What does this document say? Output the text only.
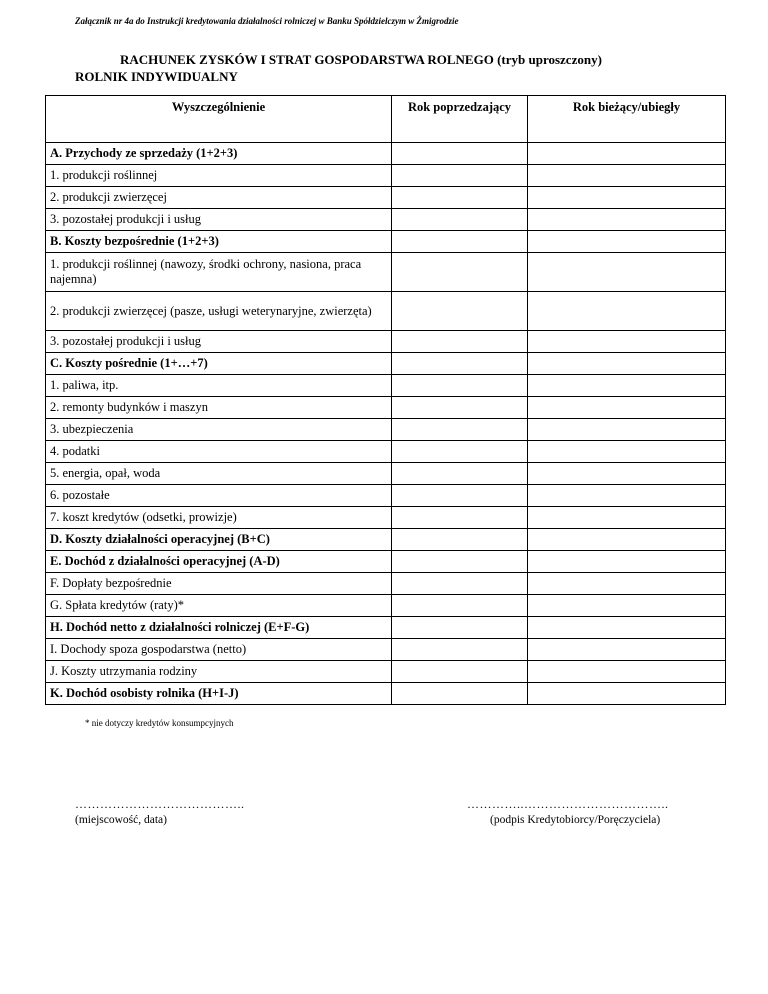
Załącznik nr 4a do Instrukcji kredytowania działalności rolniczej w Banku Spółdzielczym w Żmigrodzie
RACHUNEK ZYSKÓW I STRAT GOSPODARSTWA ROLNEGO (tryb uproszczony)
ROLNIK INDYWIDUALNY
Wyszczególnienie	Rok poprzedzający	Rok bieżący/ubiegły
A. Przychody ze sprzedaży (1+2+3)		
1. produkcji roślinnej		
2. produkcji zwierzęcej		
3. pozostałej produkcji i usług		
B. Koszty bezpośrednie (1+2+3)		
1. produkcji roślinnej (nawozy, środki ochrony, nasiona, praca najemna)		
2. produkcji zwierzęcej (pasze, usługi weterynaryjne, zwierzęta)		
3. pozostałej produkcji i usług		
C. Koszty pośrednie (1+…+7)		
1. paliwa, itp.		
2. remonty budynków i maszyn		
3. ubezpieczenia		
4. podatki		
5. energia, opał, woda		
6. pozostałe		
7. koszt kredytów (odsetki, prowizje)		
D. Koszty działalności operacyjnej (B+C)		
E. Dochód z działalności operacyjnej (A-D)		
F. Dopłaty bezpośrednie		
G. Spłata kredytów (raty)*		
H. Dochód netto z działalności rolniczej (E+F-G)		
I. Dochody spoza gospodarstwa (netto)		
J. Koszty utrzymania rodziny		
K. Dochód osobisty rolnika (H+I-J)		
* nie dotyczy kredytów konsumpcyjnych
…………………………………..
(miejscowość, data)
…………..……………………………..
(podpis Kredytobiorcy/Poręczyciela)
